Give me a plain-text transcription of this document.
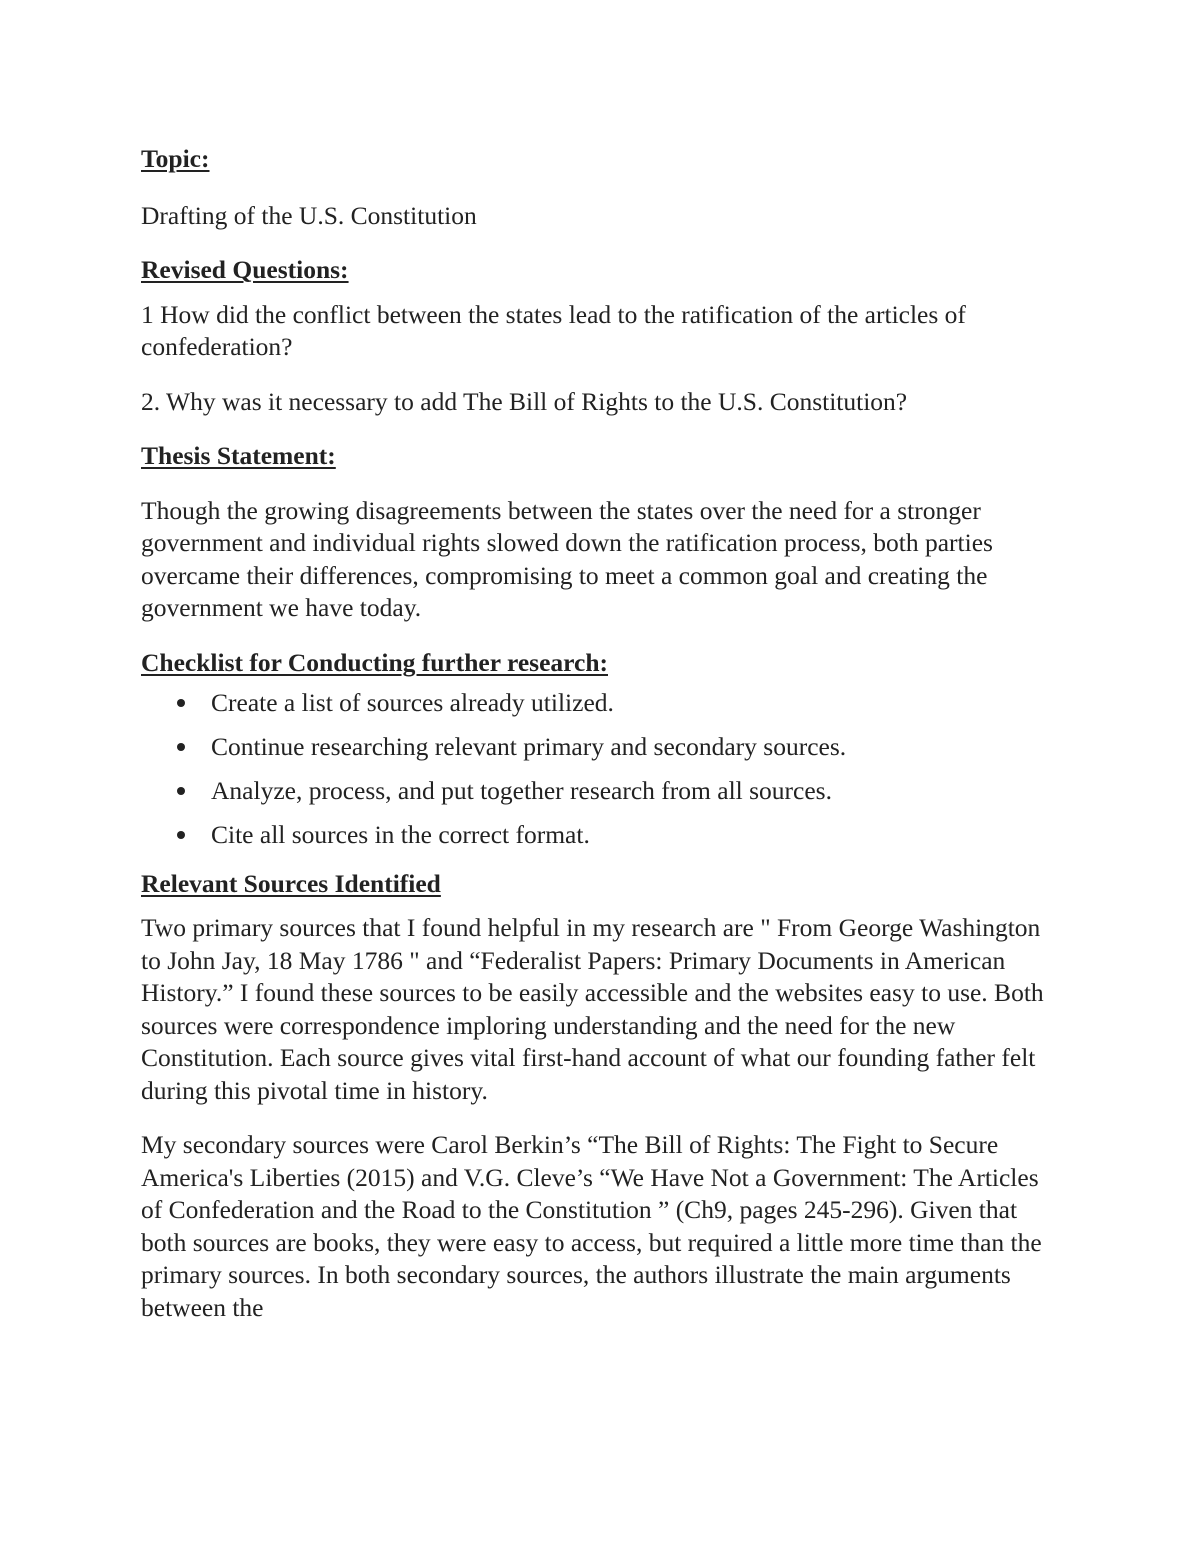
Topic:

Drafting of the U.S. Constitution

Revised Questions:

1 How did the conflict between the states lead to the ratification of the articles of confederation?

2. Why was it necessary to add The Bill of Rights to the U.S. Constitution?

Thesis Statement:

Though the growing disagreements between the states over the need for a stronger government and individual rights slowed down the ratification process, both parties overcame their differences, compromising to meet a common goal and creating the government we have today.

Checklist for Conducting further research:
Create a list of sources already utilized.
Continue researching relevant primary and secondary sources.
Analyze, process, and put together research from all sources.
Cite all sources in the correct format.
Relevant Sources Identified

Two primary sources that I found helpful in my research are " From George Washington to John Jay, 18 May 1786 " and “Federalist Papers: Primary Documents in American History.” I found these sources to be easily accessible and the websites easy to use. Both sources were correspondence imploring understanding and the need for the new Constitution. Each source gives vital first-hand account of what our founding father felt during this pivotal time in history.

My secondary sources were Carol Berkin’s “The Bill of Rights: The Fight to Secure America's Liberties (2015) and V.G. Cleve’s “We Have Not a Government: The Articles of Confederation and the Road to the Constitution ” (Ch9, pages 245-296). Given that both sources are books, they were easy to access, but required a little more time than the primary sources. In both secondary sources, the authors illustrate the main arguments between the
